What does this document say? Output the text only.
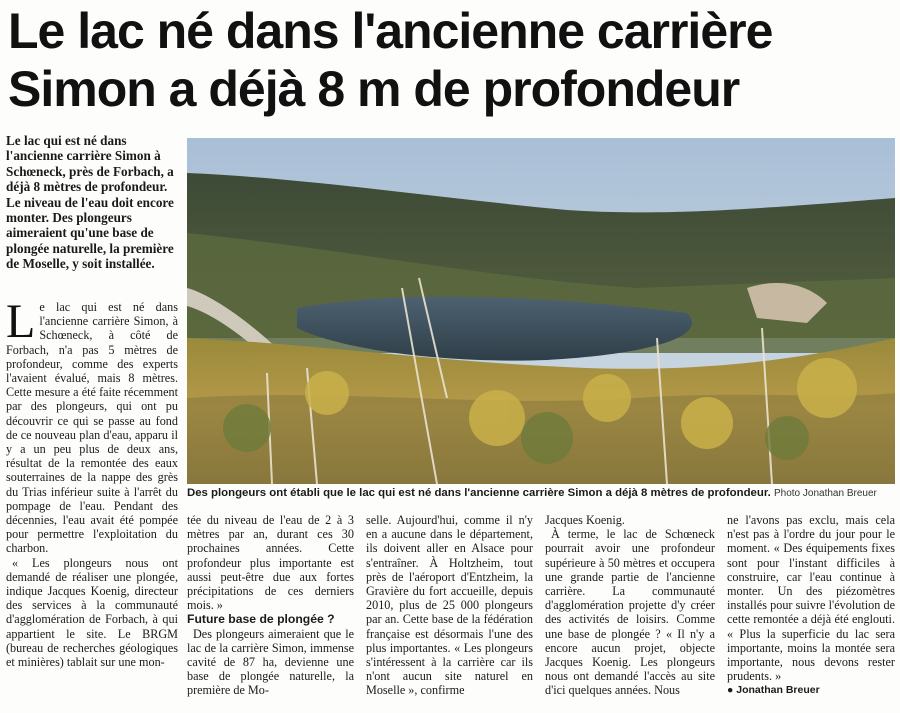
Le lac né dans l'ancienne carrière
Simon a déjà 8 m de profondeur
Le lac qui est né dans l'ancienne carrière Simon à Schœneck, près de Forbach, a déjà 8 mètres de profondeur. Le niveau de l'eau doit encore monter. Des plongeurs aimeraient qu'une base de plongée naturelle, la première de Moselle, y soit installée.

Le lac qui est né dans l'ancienne carrière Simon, à Schœneck, à côté de Forbach, n'a pas 5 mètres de profondeur, comme des experts l'avaient évalué, mais 8 mètres. Cette mesure a été faite récemment par des plongeurs, qui ont pu découvrir ce qui se passe au fond de ce nouveau plan d'eau, apparu il y a un peu plus de deux ans, résultat de la remontée des eaux souterraines de la nappe des grès du Trias inférieur suite à l'arrêt du pompage de l'eau. Pendant des décennies, l'eau avait été pompée pour permettre l'exploitation du charbon.

« Les plongeurs nous ont demandé de réaliser une plongée, indique Jacques Koenig, directeur des services à la communauté d'agglomération de Forbach, à qui appartient le site. Le BRGM (bureau de recherches géologiques et minières) tablait sur une mon-

Des plongeurs ont établi que le lac qui est né dans l'ancienne carrière Simon a déjà 8 mètres de profondeur. Photo Jonathan Breuer

tée du niveau de l'eau de 2 à 3 mètres par an, durant ces 30 prochaines années. Cette profondeur plus importante est aussi peut-être due aux fortes précipitations de ces derniers mois. »

Future base de plongée ?

Des plongeurs aimeraient que le lac de la carrière Simon, immense cavité de 87 ha, devienne une base de plongée naturelle, la première de Mo-

selle. Aujourd'hui, comme il n'y en a aucune dans le département, ils doivent aller en Alsace pour s'entraîner. À Holtzheim, tout près de l'aéroport d'Entzheim, la Gravière du fort accueille, depuis 2010, plus de 25 000 plongeurs par an. Cette base de la fédération française est désormais l'une des plus importantes. « Les plongeurs s'intéressent à la carrière car ils n'ont aucun site naturel en Moselle », confirme

Jacques Koenig.

À terme, le lac de Schœneck pourrait avoir une profondeur supérieure à 50 mètres et occupera une grande partie de l'ancienne carrière. La communauté d'agglomération projette d'y créer des activités de loisirs. Comme une base de plongée ? « Il n'y a encore aucun projet, objecte Jacques Koenig. Les plongeurs nous ont demandé l'accès au site d'ici quelques années. Nous

ne l'avons pas exclu, mais cela n'est pas à l'ordre du jour pour le moment. « Des équipements fixes sont pour l'instant difficiles à construire, car l'eau continue à monter. Un des piézomètres installés pour suivre l'évolution de cette remontée a déjà été englouti. « Plus la superficie du lac sera importante, moins la montée sera importante, nous devons rester prudents. »

● Jonathan Breuer
